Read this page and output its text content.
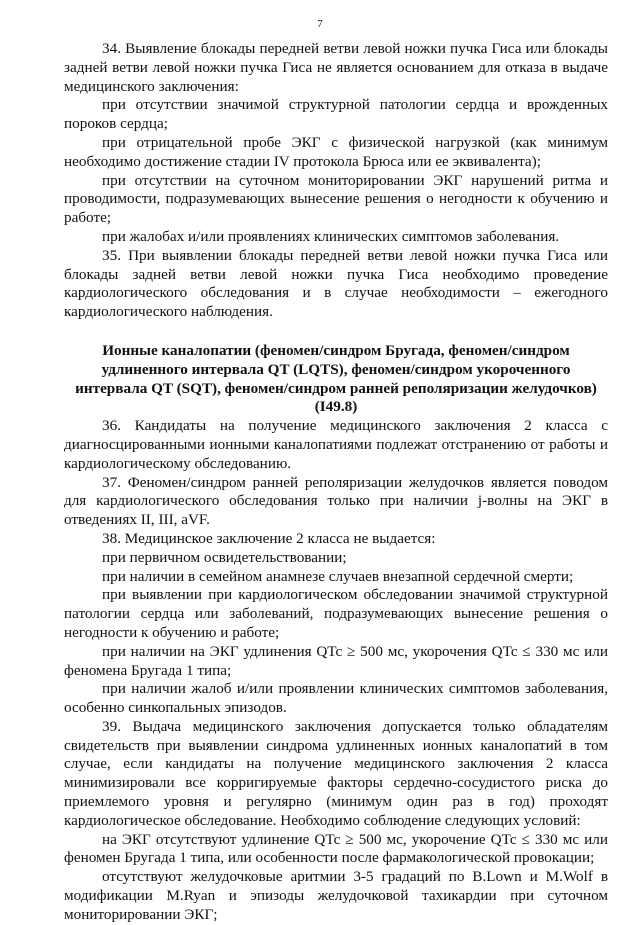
7

34. Выявление блокады передней ветви левой ножки пучка Гиса или блокады задней ветви левой ножки пучка Гиса не является основанием для отказа в выдаче медицинского заключения:

при отсутствии значимой структурной патологии сердца и врожденных пороков сердца;

при отрицательной пробе ЭКГ с физической нагрузкой (как минимум необходимо достижение стадии IV протокола Брюса или ее эквивалента);

при отсутствии на суточном мониторировании ЭКГ нарушений ритма и проводимости, подразумевающих вынесение решения о негодности к обучению и работе;

при жалобах и/или проявлениях клинических симптомов заболевания.

35. При выявлении блокады передней ветви левой ножки пучка Гиса или блокады задней ветви левой ножки пучка Гиса необходимо проведение кардиологического обследования и в случае необходимости – ежегодного кардиологического наблюдения.

Ионные каналопатии (феномен/синдром Бругада, феномен/синдром удлиненного интервала QT (LQTS), феномен/синдром укороченного интервала QT (SQT), феномен/синдром ранней реполяризации желудочков) (I49.8)

36. Кандидаты на получение медицинского заключения 2 класса с диагносцированными ионными каналопатиями подлежат отстранению от работы и кардиологическому обследованию.

37. Феномен/синдром ранней реполяризации желудочков является поводом для кардиологического обследования только при наличии j-волны на ЭКГ в отведениях II, III, aVF.

38. Медицинское заключение 2 класса не выдается:

при первичном освидетельствовании;

при наличии в семейном анамнезе случаев внезапной сердечной смерти;

при выявлении при кардиологическом обследовании значимой структурной патологии сердца или заболеваний, подразумевающих вынесение решения о негодности к обучению и работе;

при наличии на ЭКГ удлинения QTc ≥ 500 мс, укорочения QTc ≤ 330 мс или феномена Бругада 1 типа;

при наличии жалоб и/или проявлении клинических симптомов заболевания, особенно синкопальных эпизодов.

39. Выдача медицинского заключения допускается только обладателям свидетельств при выявлении синдрома удлиненных ионных каналопатий в том случае, если кандидаты на получение медицинского заключения 2 класса минимизировали все корригируемые факторы сердечно-сосудистого риска до приемлемого уровня и регулярно (минимум один раз в год) проходят кардиологическое обследование. Необходимо соблюдение следующих условий:

на ЭКГ отсутствуют удлинение QTc ≥ 500 мс, укорочение QTc ≤ 330 мс или феномен Бругада 1 типа, или особенности после фармакологической провокации;

отсутствуют желудочковые аритмии 3-5 градаций по B.Lown и M.Wolf в модификации M.Ryan и эпизоды желудочковой тахикардии при суточном мониторировании ЭКГ;
